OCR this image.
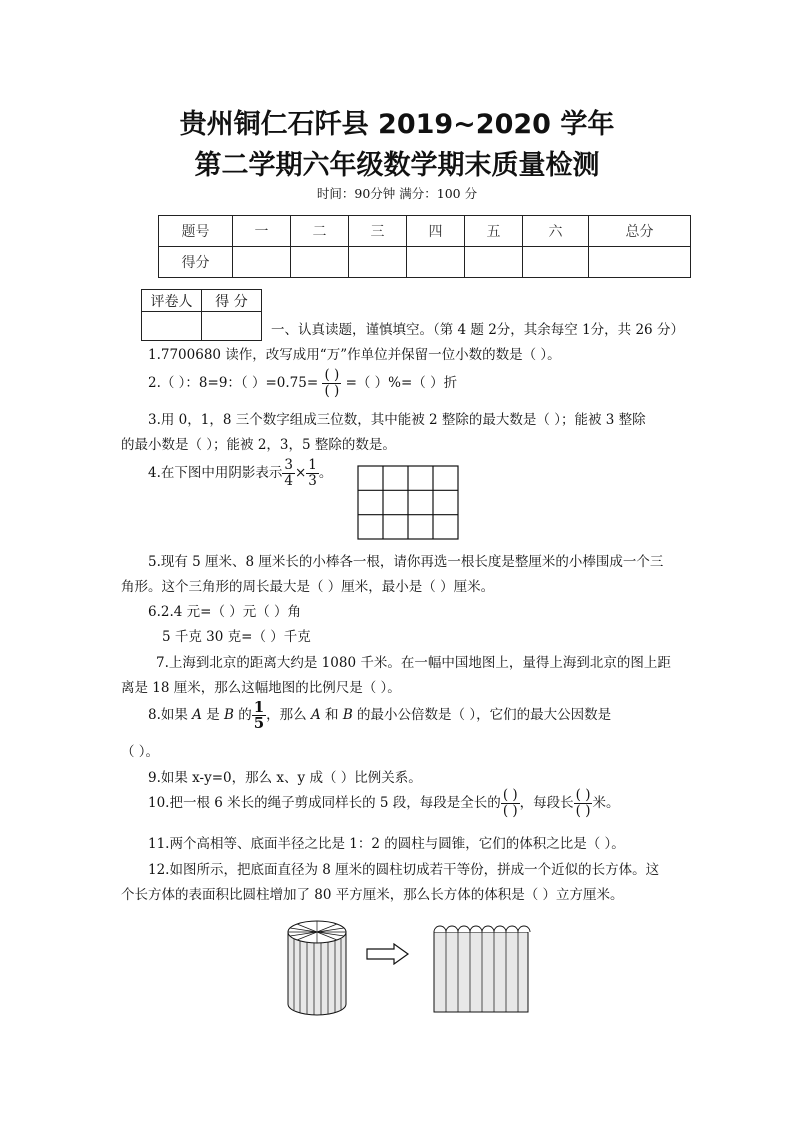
贵州铜仁石阡县 2019~2020 学年
第二学期六年级数学期末质量检测
时间：90分钟 满分：100 分
题号	一	二	三	四	五	六	总分
得分							
评卷人	得 分

一、认真读题，谨慎填空。（第 4 题 2分，其余每空 1分，共 26 分）
1.7700680 读作，改写成用“万”作单位并保留一位小数的数是（ ）。
2.（ ）：8=9：（ ）$=0.75= \frac{( )}{( )}$ =（ ）%=（ ）折
3.用 0，1，8 三个数字组成三位数，其中能被 2 整除的最大数是（ ）；能被 3 整除
的最小数是（ ）；能被 2，3，5 整除的数是。
4.在下图中用阴影表示 $\frac{3}{4} \times \frac{1}{3}$ 。
5.现有 5 厘米、8 厘米长的小棒各一根，请你再选一根长度是整厘米的小棒围成一个三
角形。这个三角形的周长最大是（ ）厘米，最小是（ ）厘米。
6.2.4 元=（ ）元（ ）角
5 千克 30 克=（ ）千克
7.上海到北京的距离大约是 1080 千米。在一幅中国地图上，量得上海到北京的图上距
离是 18 厘米，那么这幅地图的比例尺是（ ）。
8.如果 A 是 B 的 $\frac{1}{5}$ ，那么 A 和 B 的最小公倍数是（ ），它们的最大公因数是
（ ）。
9.如果 x-y=0，那么 x、y 成（ ）比例关系。
10.把一根 6 米长的绳子剪成同样长的 5 段，每段是全长的 $\frac{( )}{( )}$ ，每段长 $\frac{( )}{( )}$ 米。
11.两个高相等、底面半径之比是 1：2 的圆柱与圆锥，它们的体积之比是（ ）。
12.如图所示，把底面直径为 8 厘米的圆柱切成若干等份，拼成一个近似的长方体。这
个长方体的表面积比圆柱增加了 80 平方厘米，那么长方体的体积是（ ）立方厘米。
